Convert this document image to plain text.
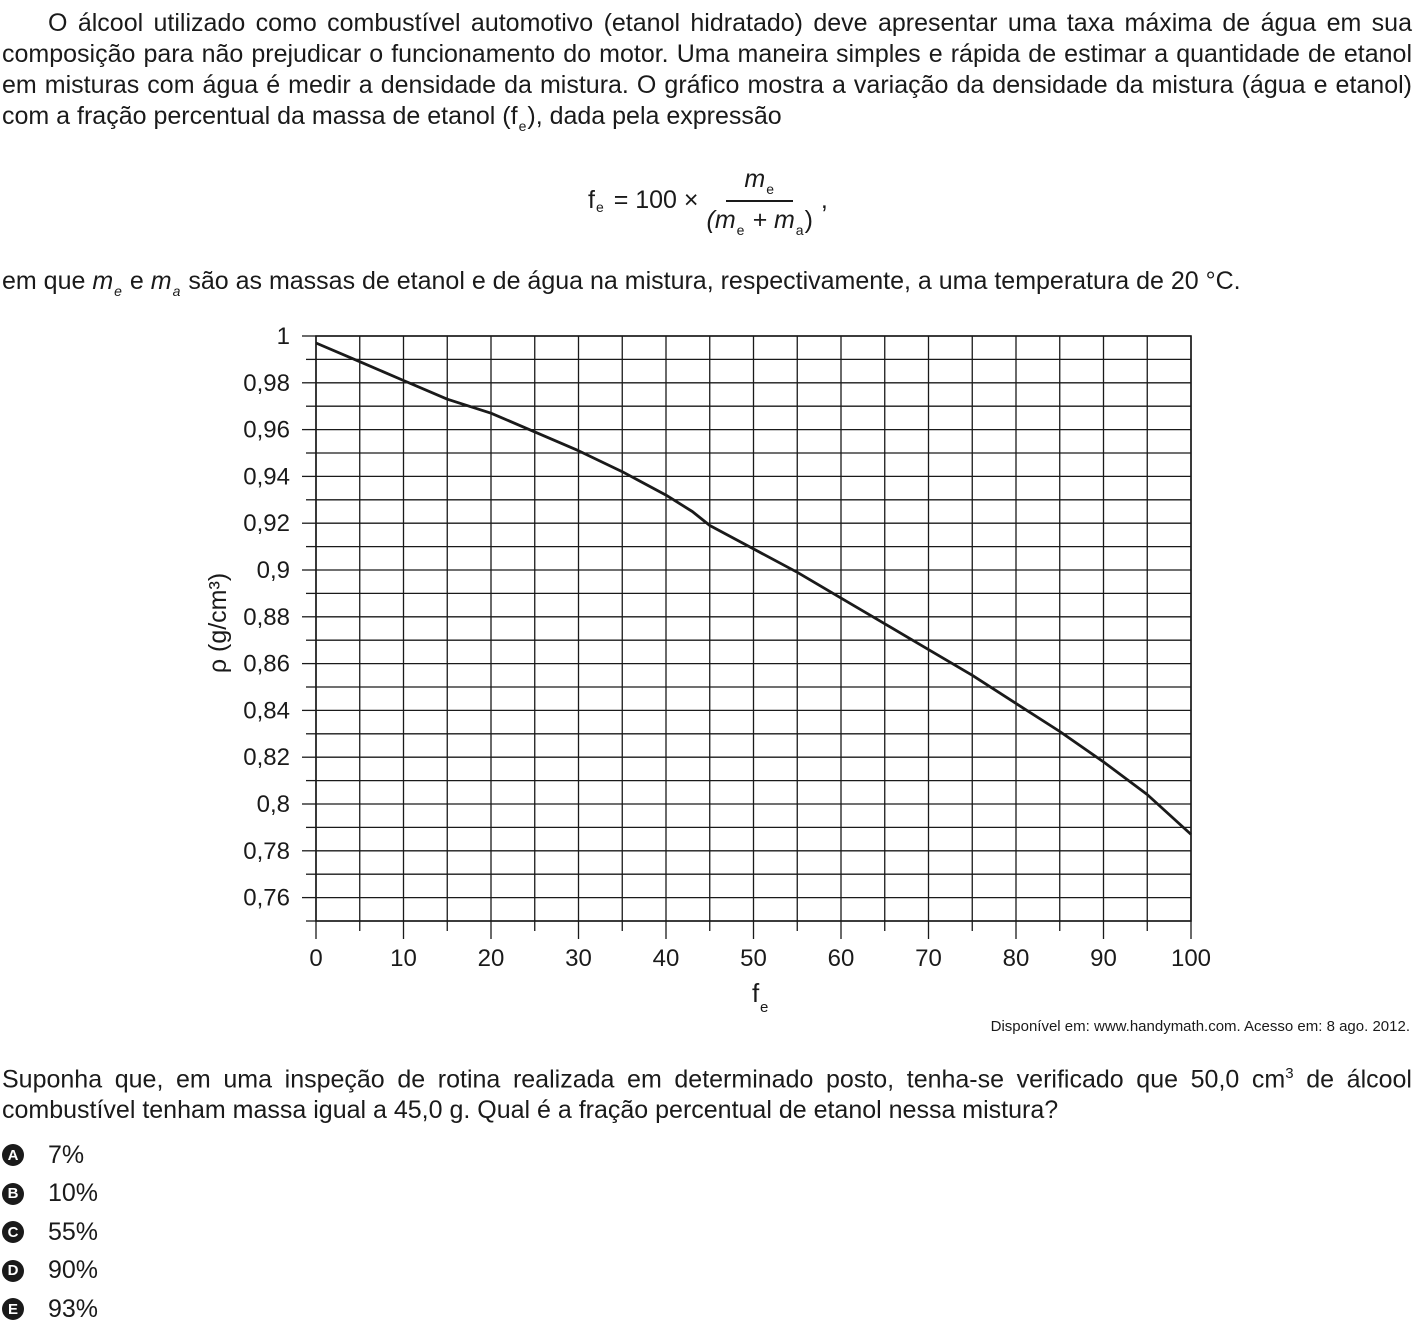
O álcool utilizado como combustível automotivo (etanol hidratado) deve apresentar uma taxa máxima de água em sua composição para não prejudicar o funcionamento do motor. Uma maneira simples e rápida de estimar a quantidade de etanol em misturas com água é medir a densidade da mistura. O gráfico mostra a variação da densidade da mistura (água e etanol) com a fração percentual da massa de etanol $(f_e)$, dada pela expressão

f $e = 100 \times \frac{m_e}{(m_e + m_a)}$ ,

em que $m_e$ e $m_a$ são as massas de etanol e de água na mistura, respectivamente, a uma temperatura de 20 °C.

0	10	20	30	40	50	60	70	80	90 100
1
0,98
0,96
0,94
0,92
0,9
0,88
0,86
0,84
0,82
0,8
0,78
0,76
f e
ρ (g/cm³)
Disponível em: www.handymath.com. Acesso em: 8 ago. 2012.

Suponha que, em uma inspeção de rotina realizada em determinado posto, tenha-se verificado que 50,0 $cm^3$ de álcool combustível tenham massa igual a 45,0 g. Qual é a fração percentual de etanol nessa mistura?

A 7%
B 10%
C 55%
D 90%
E 93%
